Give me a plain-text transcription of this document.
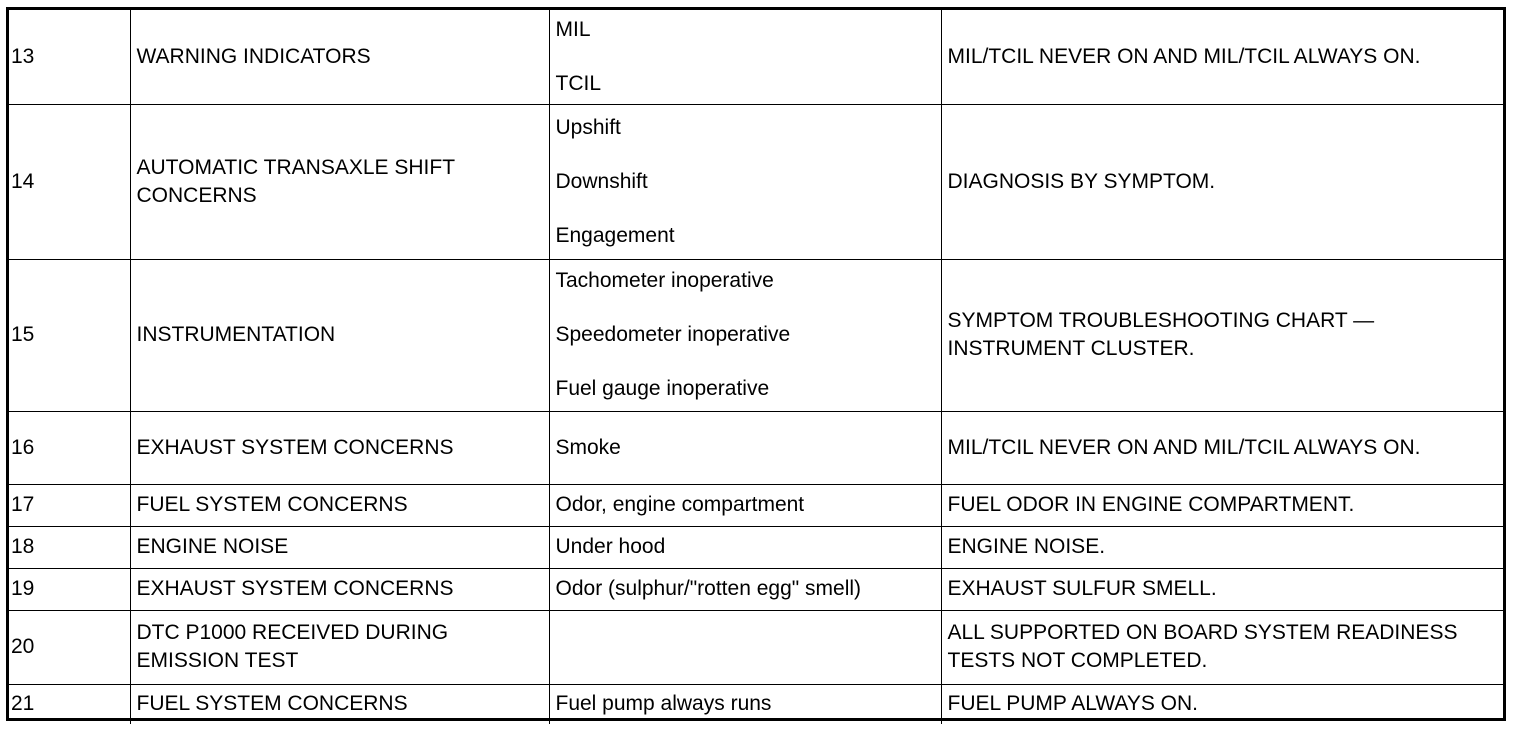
13	WARNING INDICATORS	MIL
TCIL	MIL/TCIL NEVER ON AND MIL/TCIL ALWAYS ON.
14	AUTOMATIC TRANSAXLE SHIFT CONCERNS	Upshift
Downshift
Engagement	DIAGNOSIS BY SYMPTOM.
15	INSTRUMENTATION	Tachometer inoperative
Speedometer inoperative
Fuel gauge inoperative	SYMPTOM TROUBLESHOOTING CHART — INSTRUMENT CLUSTER.
16	EXHAUST SYSTEM CONCERNS	Smoke	MIL/TCIL NEVER ON AND MIL/TCIL ALWAYS ON.
17	FUEL SYSTEM CONCERNS	Odor, engine compartment	FUEL ODOR IN ENGINE COMPARTMENT.
18	ENGINE NOISE	Under hood	ENGINE NOISE.
19	EXHAUST SYSTEM CONCERNS	Odor (sulphur/"rotten egg" smell)	EXHAUST SULFUR SMELL.
20	DTC P1000 RECEIVED DURING EMISSION TEST		ALL SUPPORTED ON BOARD SYSTEM READINESS TESTS NOT COMPLETED.
21	FUEL SYSTEM CONCERNS	Fuel pump always runs	FUEL PUMP ALWAYS ON.
